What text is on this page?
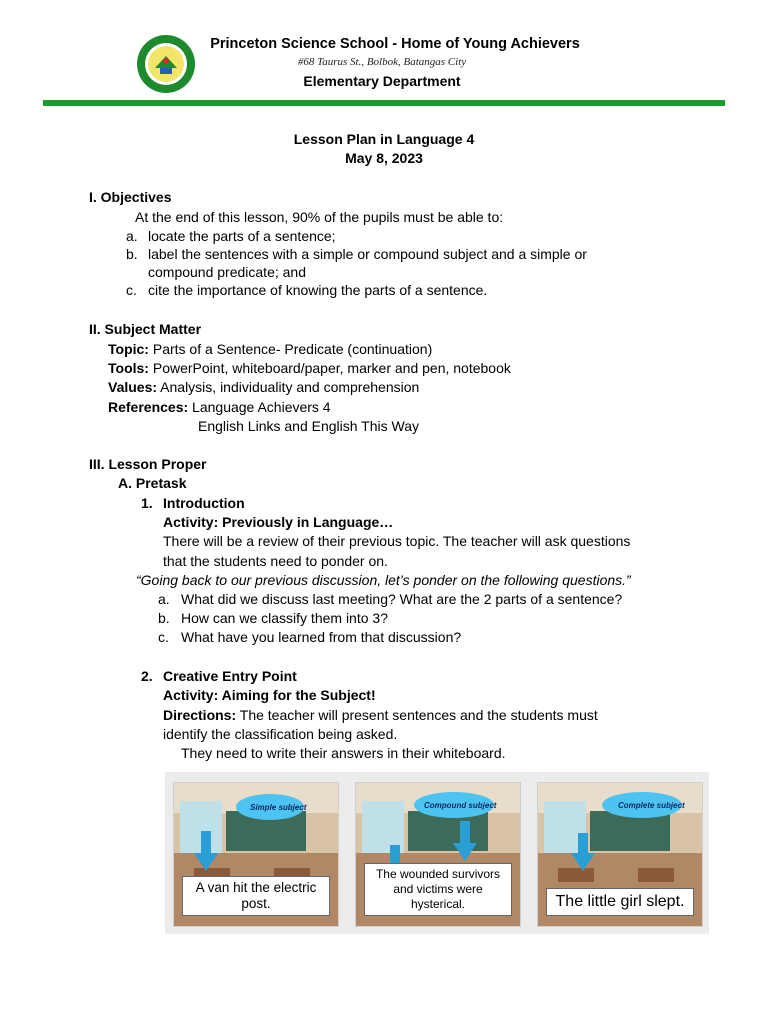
Princeton Science School - Home of Young Achievers
#68 Taurus St., Bolbok, Batangas City
Elementary Department
Lesson Plan in Language 4
May 8, 2023
I. Objectives
At the end of this lesson, 90% of the pupils must be able to:
a. locate the parts of a sentence;
b. label the sentences with a simple or compound subject and a simple or
compound predicate; and
c. cite the importance of knowing the parts of a sentence.
II. Subject Matter
Topic: Parts of a Sentence- Predicate (continuation)
Tools: PowerPoint, whiteboard/paper, marker and pen, notebook
Values: Analysis, individuality and comprehension
References: Language Achievers 4
English Links and English This Way
III. Lesson Proper
A. Pretask
1. Introduction
Activity: Previously in Language…
There will be a review of their previous topic. The teacher will ask questions
that the students need to ponder on.
“Going back to our previous discussion, let’s ponder on the following questions.”
a. What did we discuss last meeting? What are the 2 parts of a sentence?
b. How can we classify them into 3?
c. What have you learned from that discussion?
2. Creative Entry Point
Activity: Aiming for the Subject!
Directions: The teacher will present sentences and the students must
identify the classification being asked.
They need to write their answers in their whiteboard.
Simple subject
A van hit the electric post.
Compound subject
The wounded survivors and victims were hysterical.
Complete subject
The little girl slept.
